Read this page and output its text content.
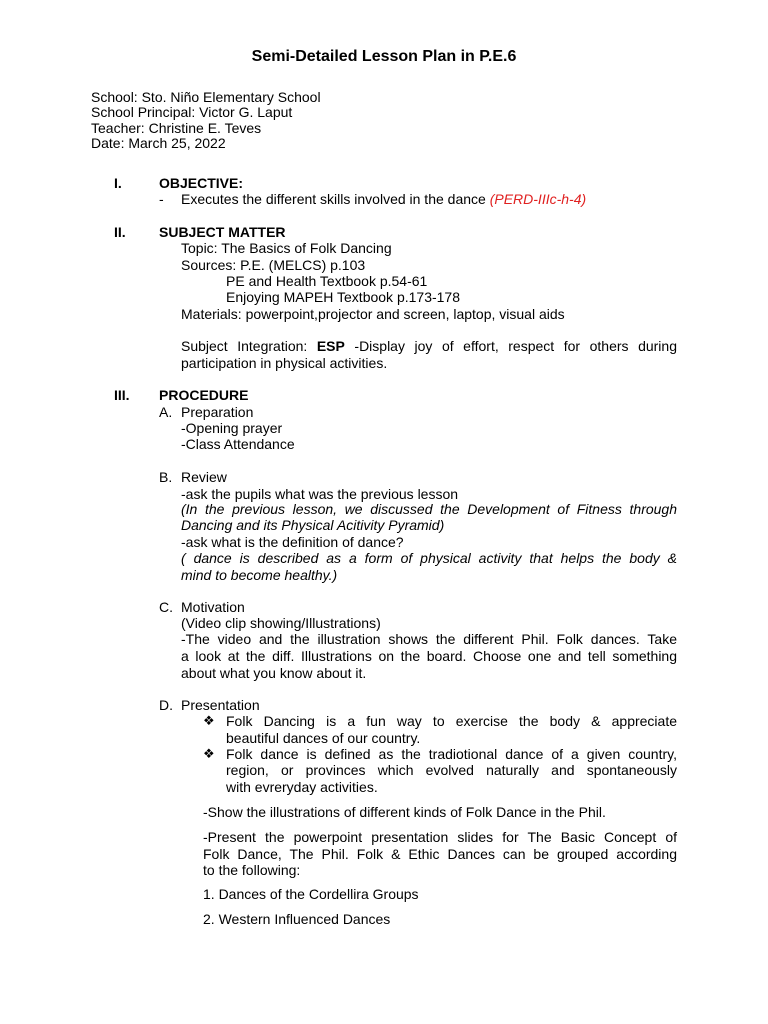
Semi-Detailed Lesson Plan in P.E.6
School: Sto. Niño Elementary School
School Principal: Victor G. Laput
Teacher: Christine E. Teves
Date: March 25, 2022
I.	OBJECTIVE:
- Executes the different skills involved in the dance (PERD-IIIc-h-4)
II. SUBJECT MATTER
Topic: The Basics of Folk Dancing
Sources: P.E. (MELCS) p.103
PE and Health Textbook p.54-61
Enjoying MAPEH Textbook p.173-178
Materials: powerpoint,projector and screen, laptop, visual aids
Subject Integration: ESP -Display joy of effort, respect for others during
participation in physical activities.
III. PROCEDURE
A. Preparation
-Opening prayer
-Class Attendance
B. Review
-ask the pupils what was the previous lesson
(In the previous lesson, we discussed the Development of Fitness through
Dancing and its Physical Acitivity Pyramid)
-ask what is the definition of dance?
( dance is described as a form of physical activity that helps the body &
mind to become healthy.)
C. Motivation
(Video clip showing/Illustrations)
-The video and the illustration shows the different Phil. Folk dances. Take
a look at the diff. Illustrations on the board. Choose one and tell something
about what you know about it.
D. Presentation
❖ Folk Dancing is a fun way to exercise the body & appreciate
beautiful dances of our country.
❖ Folk dance is defined as the tradiotional dance of a given country,
region, or provinces which evolved naturally and spontaneously
with evreryday activities.
-Show the illustrations of different kinds of Folk Dance in the Phil.
-Present the powerpoint presentation slides for The Basic Concept of
Folk Dance, The Phil. Folk & Ethic Dances can be grouped according
to the following:
1. Dances of the Cordellira Groups
2. Western Influenced Dances
